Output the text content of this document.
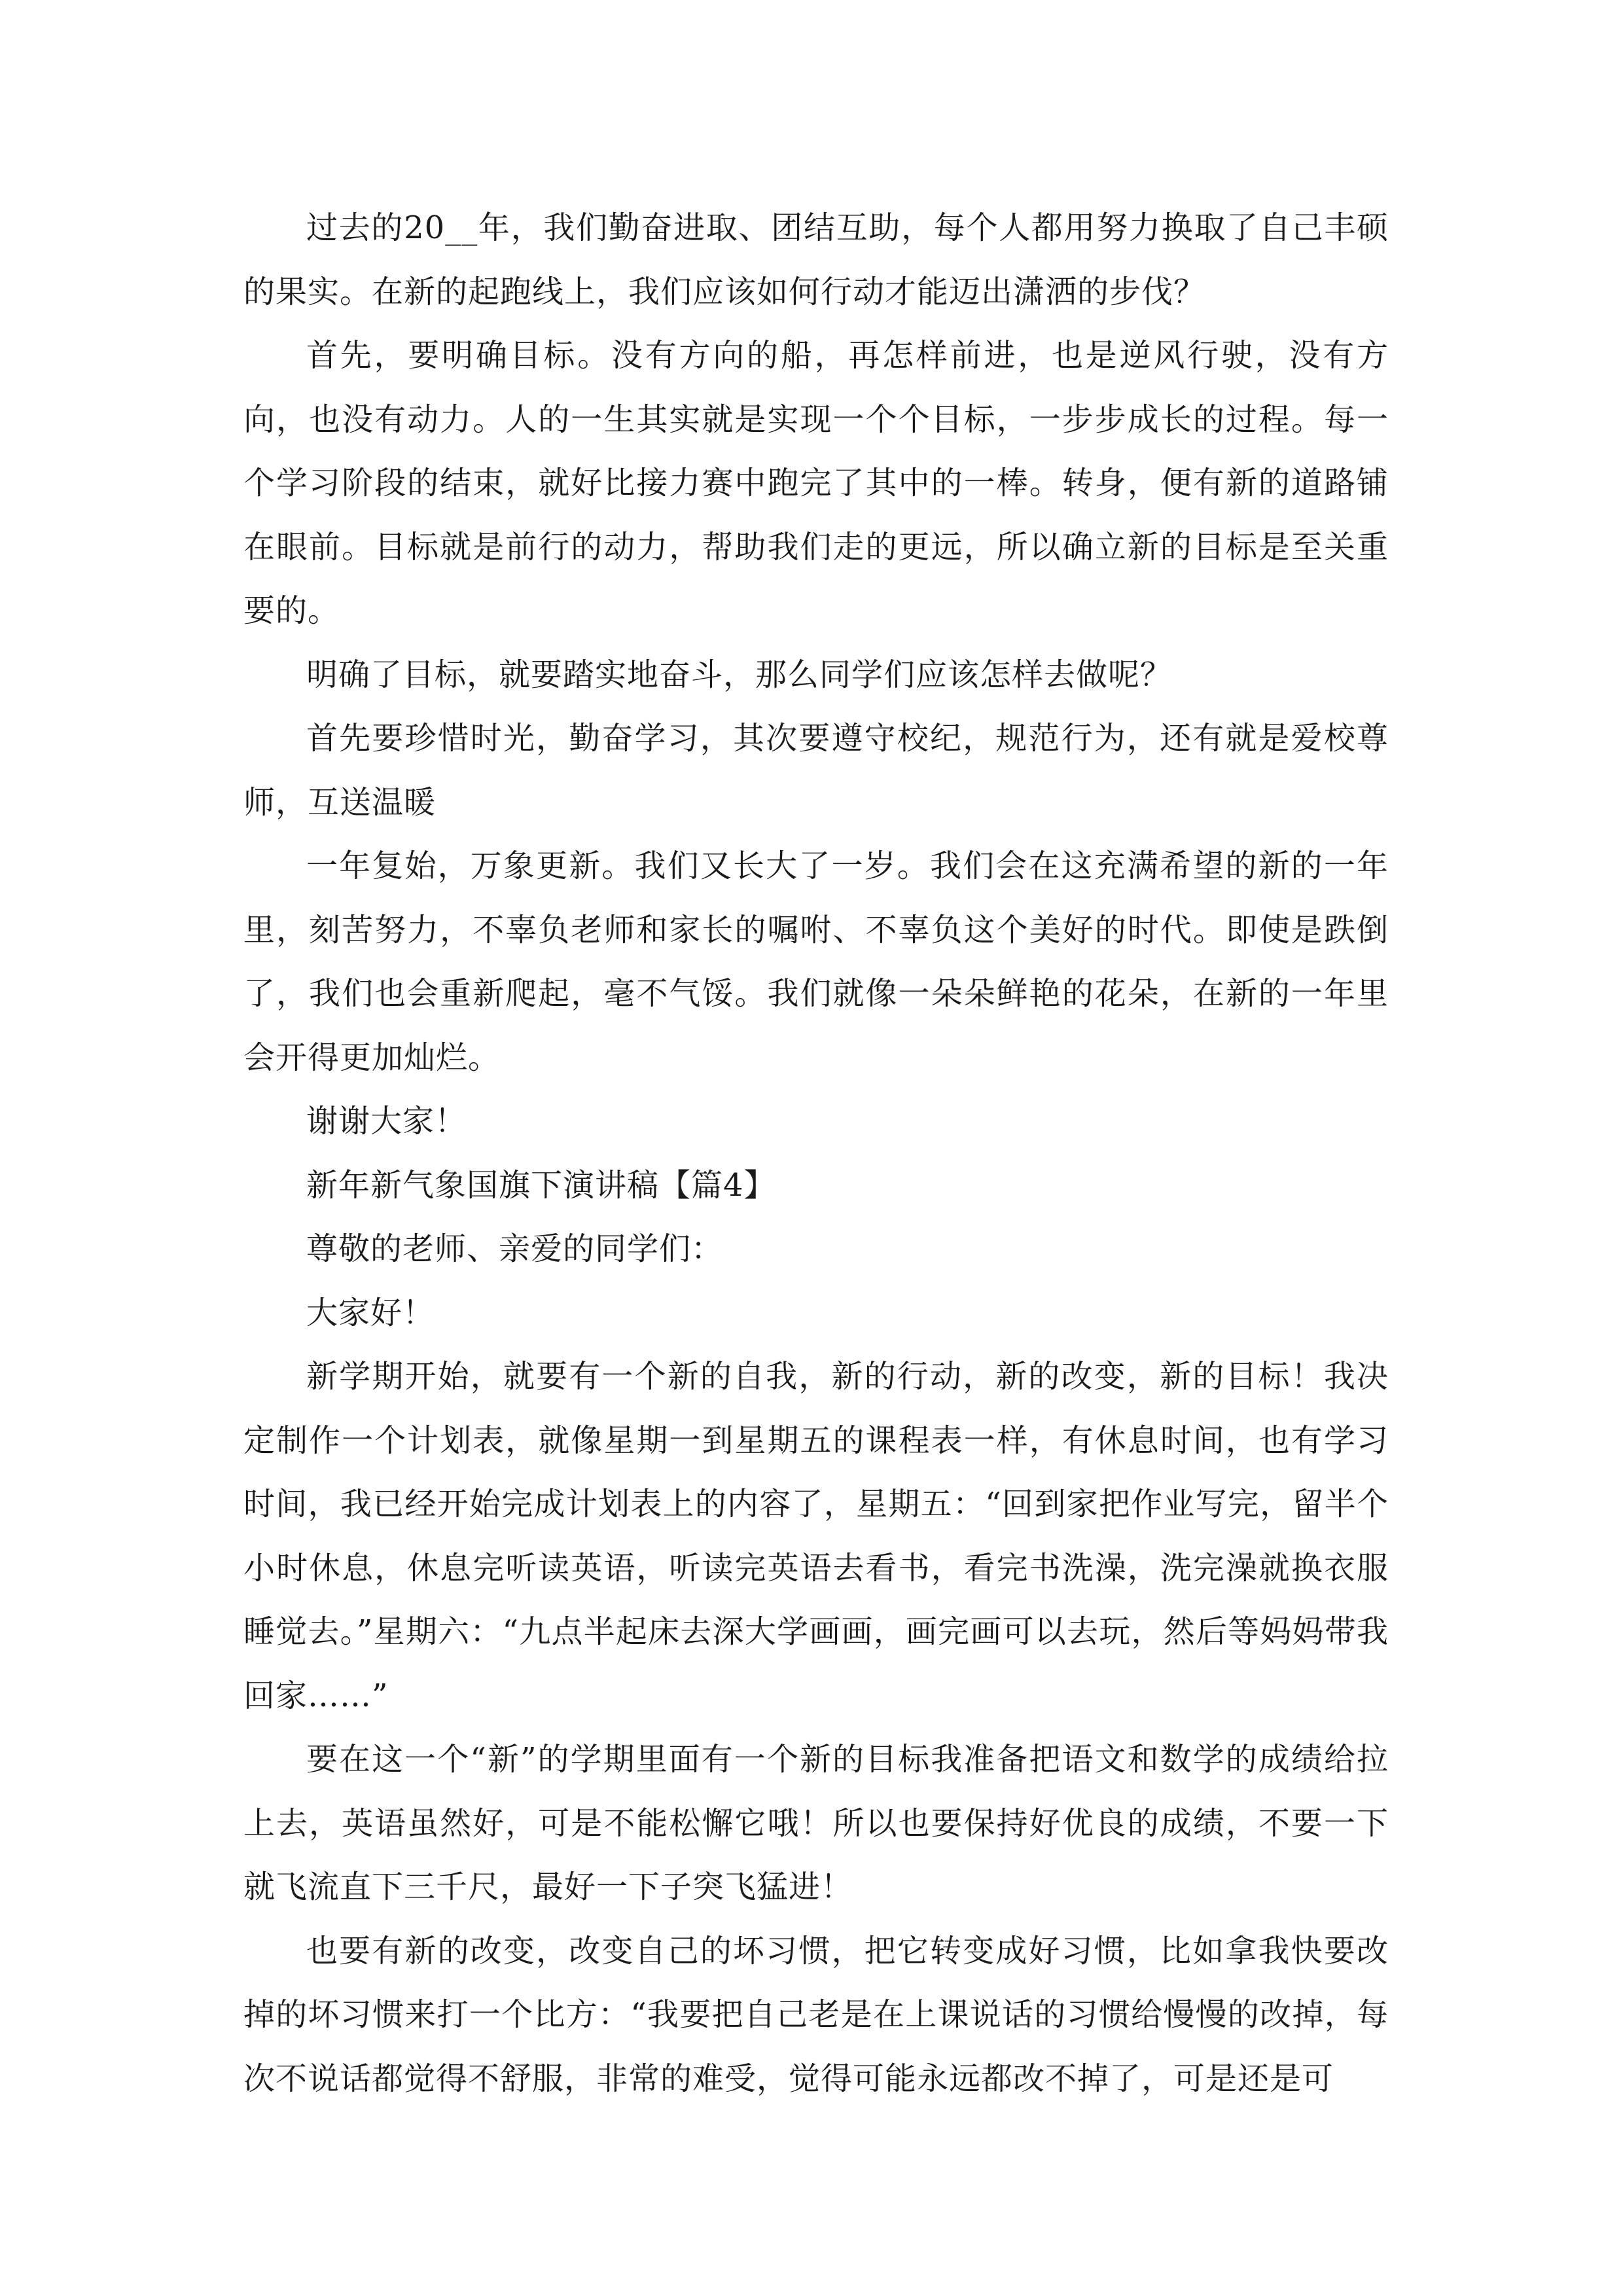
过去的20__年，我们勤奋进取、团结互助，每个人都用努力换取了自己丰硕的果实。在新的起跑线上，我们应该如何行动才能迈出潇洒的步伐？

首先，要明确目标。没有方向的船，再怎样前进，也是逆风行驶，没有方向，也没有动力。人的一生其实就是实现一个个目标，一步步成长的过程。每一个学习阶段的结束，就好比接力赛中跑完了其中的一棒。转身，便有新的道路铺在眼前。目标就是前行的动力，帮助我们走的更远，所以确立新的目标是至关重要的。

明确了目标，就要踏实地奋斗，那么同学们应该怎样去做呢？

首先要珍惜时光，勤奋学习，其次要遵守校纪，规范行为，还有就是爱校尊师，互送温暖

一年复始，万象更新。我们又长大了一岁。我们会在这充满希望的新的一年里，刻苦努力，不辜负老师和家长的嘱咐、不辜负这个美好的时代。即使是跌倒了，我们也会重新爬起，毫不气馁。我们就像一朵朵鲜艳的花朵，在新的一年里会开得更加灿烂。

谢谢大家！

新年新气象国旗下演讲稿【篇4】

尊敬的老师、亲爱的同学们：

大家好！

新学期开始，就要有一个新的自我，新的行动，新的改变，新的目标！我决定制作一个计划表，就像星期一到星期五的课程表一样，有休息时间，也有学习时间，我已经开始完成计划表上的内容了，星期五：“回到家把作业写完，留半个小时休息，休息完听读英语，听读完英语去看书，看完书洗澡，洗完澡就换衣服睡觉去。”星期六：“九点半起床去深大学画画，画完画可以去玩，然后等妈妈带我回家……”

要在这一个“新”的学期里面有一个新的目标我准备把语文和数学的成绩给拉上去，英语虽然好，可是不能松懈它哦！所以也要保持好优良的成绩，不要一下就飞流直下三千尺，最好一下子突飞猛进！

也要有新的改变，改变自己的坏习惯，把它转变成好习惯，比如拿我快要改掉的坏习惯来打一个比方：“我要把自己老是在上课说话的习惯给慢慢的改掉，每次不说话都觉得不舒服，非常的难受，觉得可能永远都改不掉了，可是还是可
